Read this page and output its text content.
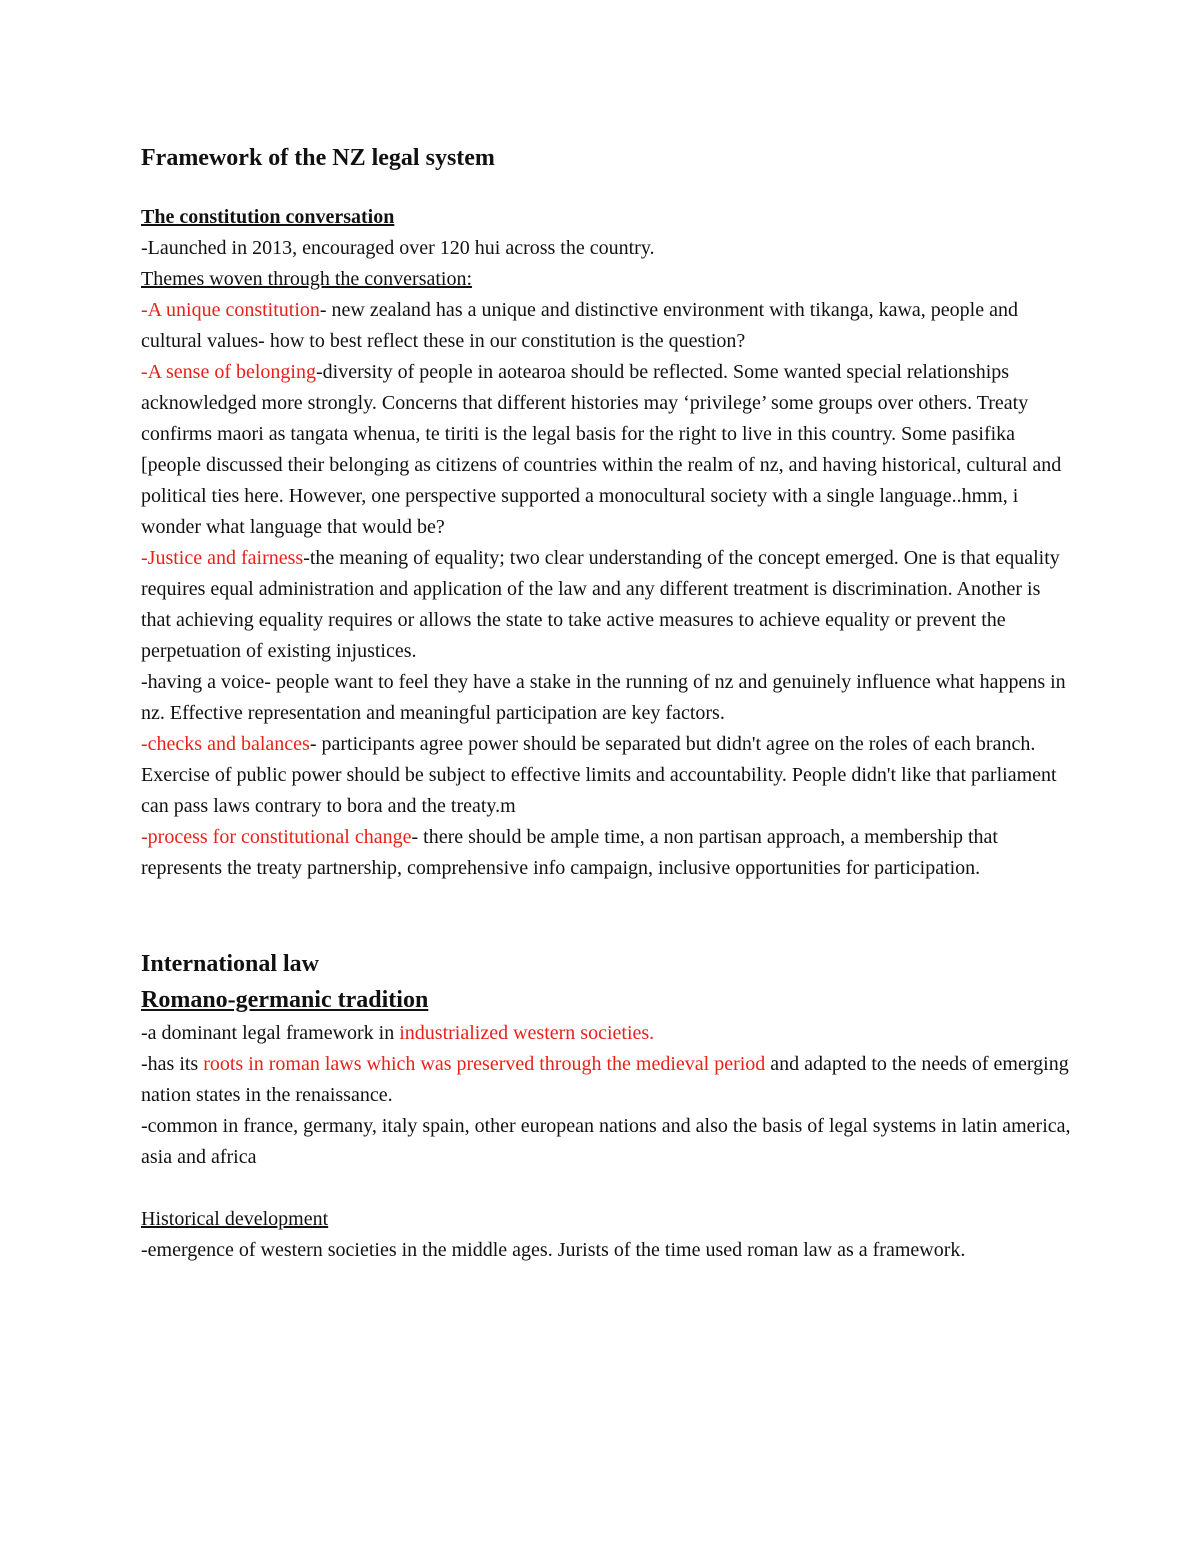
Framework of the NZ legal system
The constitution conversation

-Launched in 2013, encouraged over 120 hui across the country.

Themes woven through the conversation:

-A unique constitution- new zealand has a unique and distinctive environment with tikanga, kawa, people and cultural values- how to best reflect these in our constitution is the question?

-A sense of belonging-diversity of people in aotearoa should be reflected. Some wanted special relationships acknowledged more strongly. Concerns that different histories may ‘privilege’ some groups over others. Treaty confirms maori as tangata whenua, te tiriti is the legal basis for the right to live in this country. Some pasifika [people discussed their belonging as citizens of countries within the realm of nz, and having historical, cultural and political ties here. However, one perspective supported a monocultural society with a single language..hmm, i wonder what language that would be?

-Justice and fairness-the meaning of equality; two clear understanding of the concept emerged. One is that equality requires equal administration and application of the law and any different treatment is discrimination. Another is that achieving equality requires or allows the state to take active measures to achieve equality or prevent the perpetuation of existing injustices.

-having a voice- people want to feel they have a stake in the running of nz and genuinely influence what happens in nz. Effective representation and meaningful participation are key factors.

-checks and balances- participants agree power should be separated but didn't agree on the roles of each branch. Exercise of public power should be subject to effective limits and accountability. People didn't like that parliament can pass laws contrary to bora and the treaty.m

-process for constitutional change- there should be ample time, a non partisan approach, a membership that represents the treaty partnership, comprehensive info campaign, inclusive opportunities for participation.

International law
Romano-germanic tradition

-a dominant legal framework in industrialized western societies.

-has its roots in roman laws which was preserved through the medieval period and adapted to the needs of emerging nation states in the renaissance.

-common in france, germany, italy spain, other european nations and also the basis of legal systems in latin america, asia and africa

Historical development

-emergence of western societies in the middle ages. Jurists of the time used roman law as a framework.
